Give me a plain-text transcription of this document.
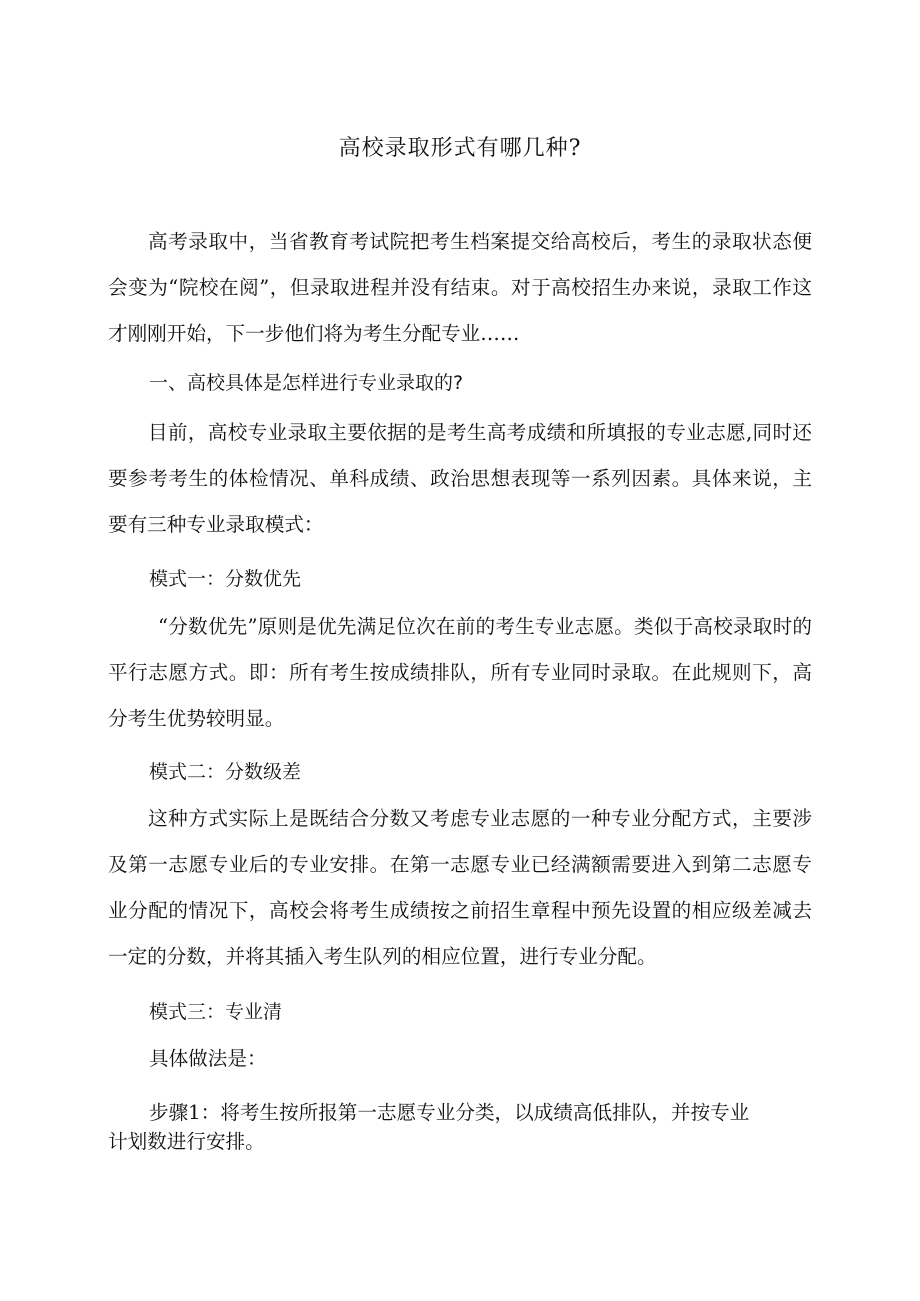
高校录取形式有哪几种?

高考录取中，当省教育考试院把考生档案提交给高校后，考生的录取状态便会变为“院校在阅”，但录取进程并没有结束。对于高校招生办来说，录取工作这才刚刚开始，下一步他们将为考生分配专业……

一、高校具体是怎样进行专业录取的?

目前，高校专业录取主要依据的是考生高考成绩和所填报的专业志愿,同时还要参考考生的体检情况、单科成绩、政治思想表现等一系列因素。具体来说，主要有三种专业录取模式：

模式一：分数优先

“分数优先”原则是优先满足位次在前的考生专业志愿。类似于高校录取时的平行志愿方式。即：所有考生按成绩排队，所有专业同时录取。在此规则下，高分考生优势较明显。

模式二：分数级差

这种方式实际上是既结合分数又考虑专业志愿的一种专业分配方式，主要涉及第一志愿专业后的专业安排。在第一志愿专业已经满额需要进入到第二志愿专业分配的情况下，高校会将考生成绩按之前招生章程中预先设置的相应级差减去一定的分数，并将其插入考生队列的相应位置，进行专业分配。

模式三：专业清

具体做法是：

步骤1：将考生按所报第一志愿专业分类，以成绩高低排队，并按专业

计划数进行安排。
